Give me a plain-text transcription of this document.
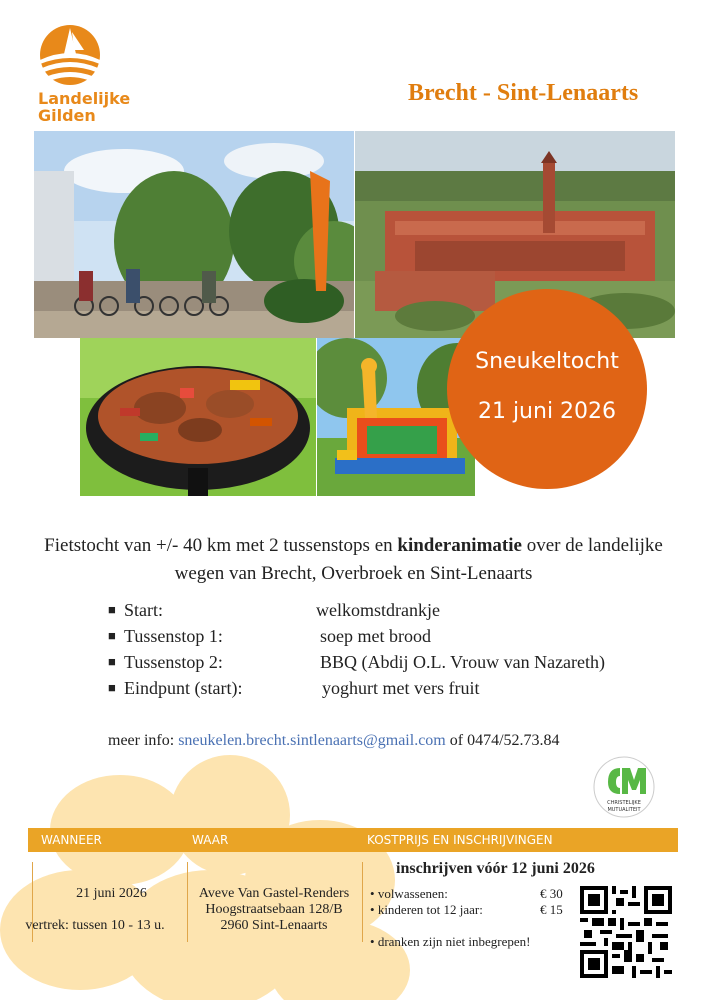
Landelijke
Gilden
Brecht - Sint-Lenaarts
Sneukeltocht
21 juni 2026
Fietstocht van +/- 40 km met 2 tussenstops en kinderanimatie over de landelijke wegen van Brecht, Overbroek en Sint-Lenaarts
■ Start:	welkomstdrankje
■ Tussenstop 1:	soep met brood
■ Tussenstop 2:	BBQ (Abdij O.L. Vrouw van Nazareth)
■ Eindpunt (start):	yoghurt met vers fruit
meer info: sneukelen.brecht.sintlenaarts@gmail.com of 0474/52.73.84
CHRISTELIJKE
MUTUALITEIT
WANNEER	WAAR	KOSTPRIJS EN INSCHRIJVINGEN
21 juni 2026
vertrek: tussen 10 - 13 u.
Aveve Van Gastel-Renders
Hoogstraatsebaan 128/B
2960 Sint-Lenaarts
inschrijven vóór 12 juni 2026
• volwassenen:	€ 30
• kinderen tot 12 jaar:	€ 15
• dranken zijn niet inbegrepen!
